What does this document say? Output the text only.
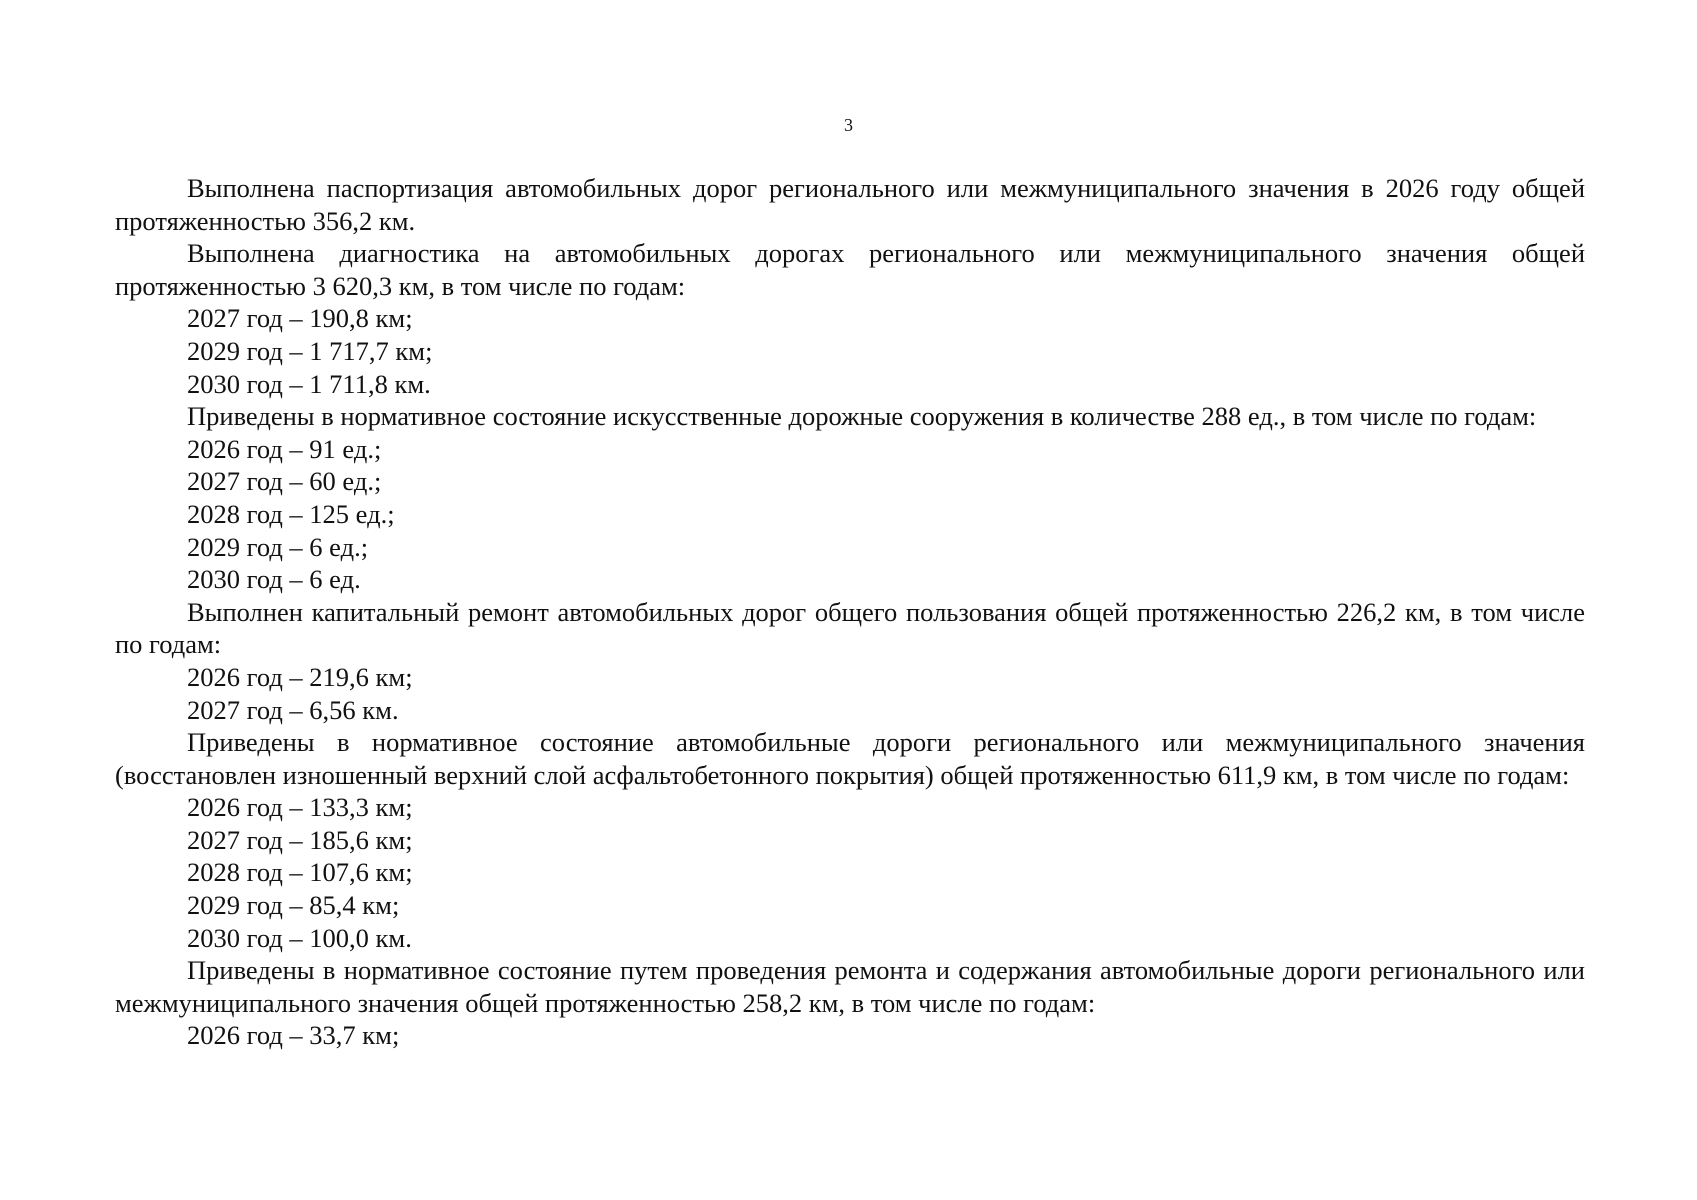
3

Выполнена паспортизация автомобильных дорог регионального или межмуниципального значения в 2026 году общей протяженностью 356,2 км.

Выполнена диагностика на автомобильных дорогах регионального или межмуниципального значения общей протяженностью 3 620,3 км, в том числе по годам:

2027 год – 190,8 км;

2029 год – 1 717,7 км;

2030 год – 1 711,8 км.

Приведены в нормативное состояние искусственные дорожные сооружения в количестве 288 ед., в том числе по годам:

2026 год – 91 ед.;

2027 год – 60 ед.;

2028 год – 125 ед.;

2029 год – 6 ед.;

2030 год – 6 ед.

Выполнен капитальный ремонт автомобильных дорог общего пользования общей протяженностью 226,2 км, в том числе по годам:

2026 год – 219,6 км;

2027 год – 6,56 км.

Приведены в нормативное состояние автомобильные дороги регионального или межмуниципального значения (восстановлен изношенный верхний слой асфальтобетонного покрытия) общей протяженностью 611,9 км, в том числе по годам:

2026 год – 133,3 км;

2027 год – 185,6 км;

2028 год – 107,6 км;

2029 год – 85,4 км;

2030 год – 100,0 км.

Приведены в нормативное состояние путем проведения ремонта и содержания автомобильные дороги регионального или межмуниципального значения общей протяженностью 258,2 км, в том числе по годам:

2026 год – 33,7 км;
